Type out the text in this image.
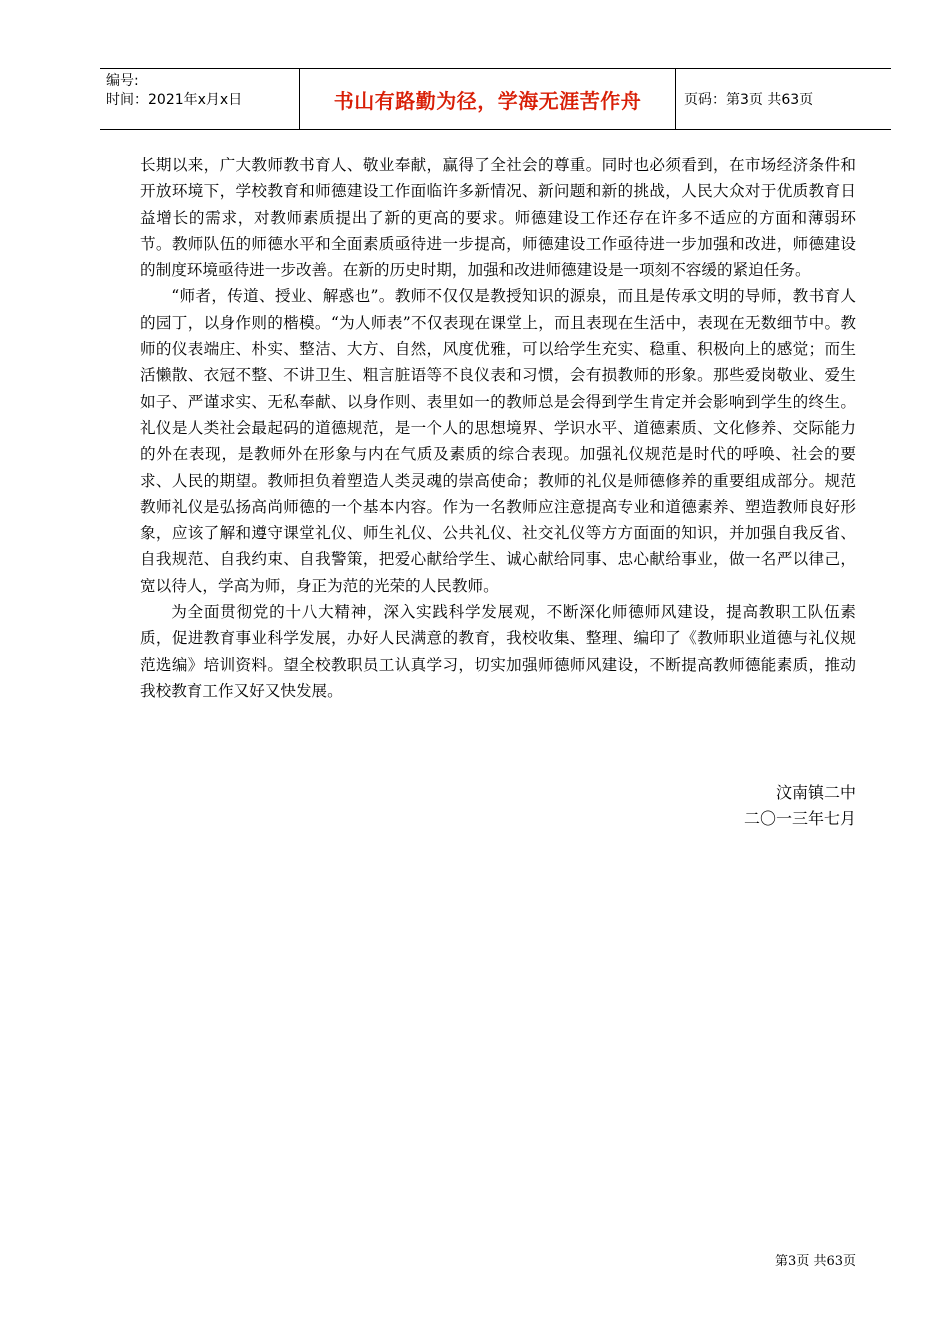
编号:
时间：2021年x月x日	书山有路勤为径，学海无涯苦作舟	页码：第3页 共63页

长期以来，广大教师教书育人、敬业奉献，赢得了全社会的尊重。同时也必须看到，在市场经济条件和开放环境下，学校教育和师德建设工作面临许多新情况、新问题和新的挑战，人民大众对于优质教育日益增长的需求，对教师素质提出了新的更高的要求。师德建设工作还存在许多不适应的方面和薄弱环节。教师队伍的师德水平和全面素质亟待进一步提高，师德建设工作亟待进一步加强和改进，师德建设的制度环境亟待进一步改善。在新的历史时期，加强和改进师德建设是一项刻不容缓的紧迫任务。

“师者，传道、授业、解惑也”。教师不仅仅是教授知识的源泉，而且是传承文明的导师，教书育人的园丁，以身作则的楷模。“为人师表”不仅表现在课堂上，而且表现在生活中，表现在无数细节中。教师的仪表端庄、朴实、整洁、大方、自然，风度优雅，可以给学生充实、稳重、积极向上的感觉；而生活懒散、衣冠不整、不讲卫生、粗言脏语等不良仪表和习惯，会有损教师的形象。那些爱岗敬业、爱生如子、严谨求实、无私奉献、以身作则、表里如一的教师总是会得到学生肯定并会影响到学生的终生。礼仪是人类社会最起码的道德规范，是一个人的思想境界、学识水平、道德素质、文化修养、交际能力的外在表现，是教师外在形象与内在气质及素质的综合表现。加强礼仪规范是时代的呼唤、社会的要求、人民的期望。教师担负着塑造人类灵魂的崇高使命；教师的礼仪是师德修养的重要组成部分。规范教师礼仪是弘扬高尚师德的一个基本内容。作为一名教师应注意提高专业和道德素养、塑造教师良好形象，应该了解和遵守课堂礼仪、师生礼仪、公共礼仪、社交礼仪等方方面面的知识，并加强自我反省、自我规范、自我约束、自我警策，把爱心献给学生、诚心献给同事、忠心献给事业，做一名严以律己，宽以待人，学高为师，身正为范的光荣的人民教师。

为全面贯彻党的十八大精神，深入实践科学发展观，不断深化师德师风建设，提高教职工队伍素质，促进教育事业科学发展，办好人民满意的教育，我校收集、整理、编印了《教师职业道德与礼仪规范选编》培训资料。望全校教职员工认真学习，切实加强师德师风建设，不断提高教师德能素质，推动我校教育工作又好又快发展。

汶南镇二中
二〇一三年七月
第3页 共63页
